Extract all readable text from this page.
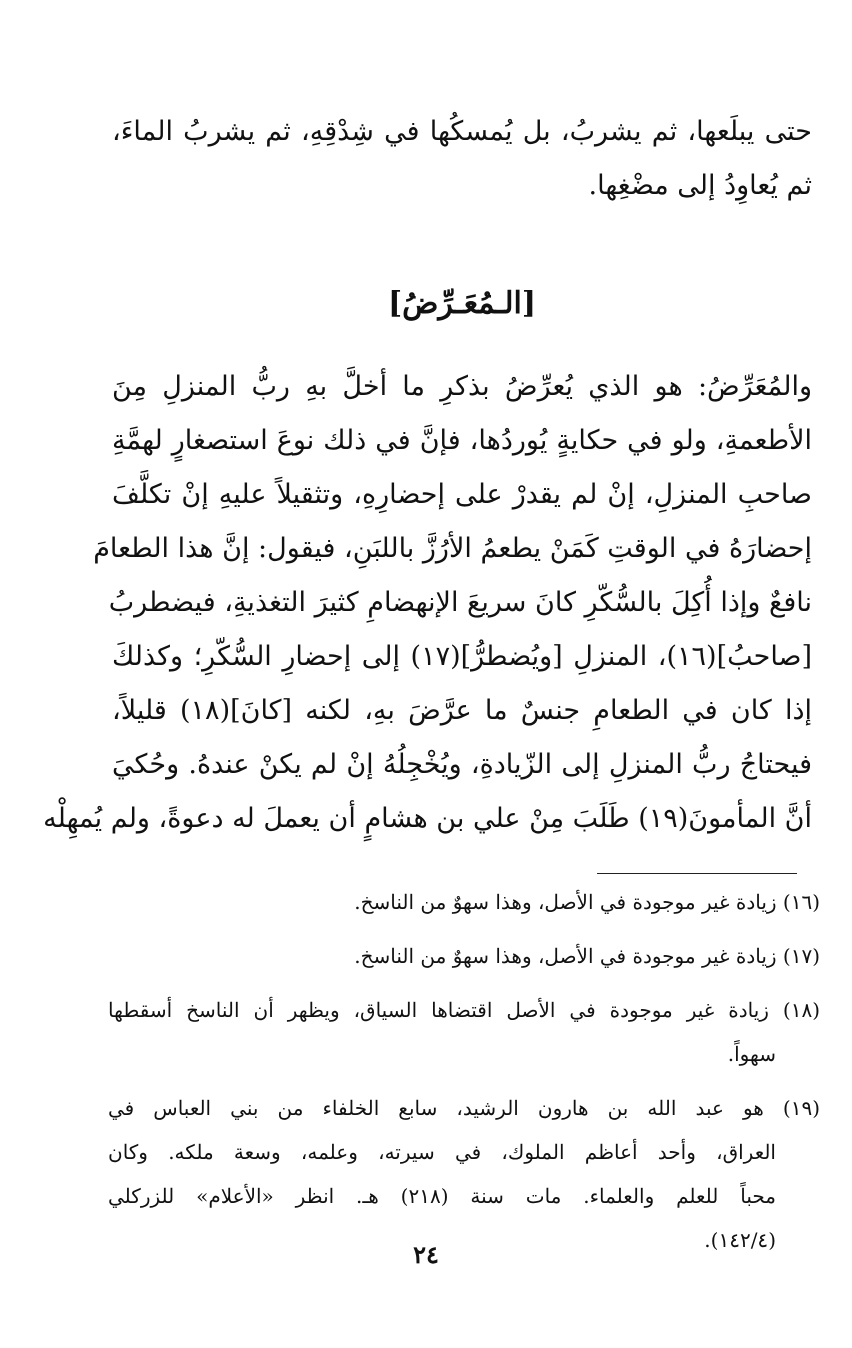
حتى يبلَعها، ثم يشربُ، بل يُمسكُها في شِدْقِهِ، ثم يشربُ الماءَ،
ثم يُعاوِدُ إلى مضْغِها.
[الـمُعَـرِّضُ]
والمُعَرِّضُ: هو الذي يُعرِّضُ بذكرِ ما أخلَّ بهِ ربُّ المنزلِ مِنَ
الأطعمةِ، ولو في حكايةٍ يُوردُها، فإنَّ في ذلك نوعَ استصغارٍ لهمَّةِ
صاحبِ المنزلِ، إنْ لم يقدرْ على إحضارِهِ، وتثقيلاً عليهِ إنْ تكلَّفَ
إحضارَهُ في الوقتِ كَمَنْ يطعمُ الأرُزَّ باللبَنِ، فيقول: إنَّ هذا الطعامَ
نافعٌ وإذا أُكِلَ بالسُّكّرِ كانَ سريعَ الإنهضامِ كثيرَ التغذيةِ، فيضطربُ
[صاحبُ](١٦)، المنزلِ [ويُضطرُّ](١٧) إلى إحضارِ السُّكّرِ؛ وكذلكَ
إذا كان في الطعامِ جنسٌ ما عرَّضَ بهِ، لكنه [كانَ](١٨) قليلاً،
فيحتاجُ ربُّ المنزلِ إلى الزّيادةِ، ويُخْجِلُهُ إنْ لم يكنْ عندهُ. وحُكيَ
أنَّ المأمونَ(١٩) طَلَبَ مِنْ علي بن هشامٍ أن يعملَ له دعوةً، ولم يُمهِلْه
(١٦) زيادة غير موجودة في الأصل، وهذا سهوٌ من الناسخ.
(١٧) زيادة غير موجودة في الأصل، وهذا سهوٌ من الناسخ.
(١٨) زيادة غير موجودة في الأصل اقتضاها السياق، ويظهر أن الناسخ أسقطها
سهواً.
(١٩) هو عبد الله بن هارون الرشيد، سابع الخلفاء من بني العباس في
العراق، وأحد أعاظم الملوك، في سيرته، وعلمه، وسعة ملكه. وكان
محباً للعلم والعلماء. مات سنة (٢١٨) هـ. انظر «الأعلام» للزركلي
(١٤٢/٤).
٢٤
